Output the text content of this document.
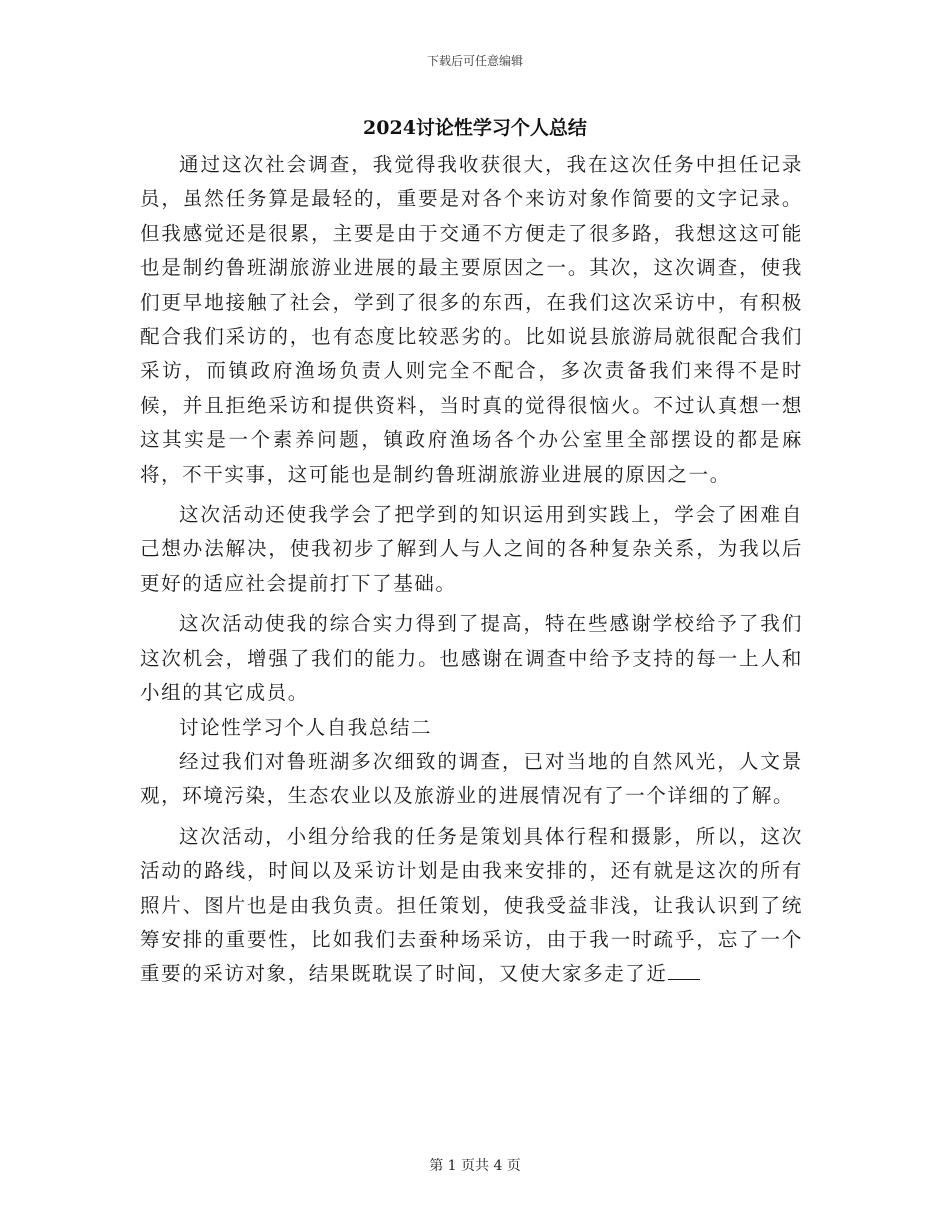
下载后可任意编辑
2024讨论性学习个人总结

通过这次社会调查，我觉得我收获很大，我在这次任务中担任记录员，虽然任务算是最轻的，重要是对各个来访对象作简要的文字记录。但我感觉还是很累，主要是由于交通不方便走了很多路，我想这这可能也是制约鲁班湖旅游业进展的最主要原因之一。其次，这次调查，使我们更早地接触了社会，学到了很多的东西，在我们这次采访中，有积极配合我们采访的，也有态度比较恶劣的。比如说县旅游局就很配合我们采访，而镇政府渔场负责人则完全不配合，多次责备我们来得不是时候，并且拒绝采访和提供资料，当时真的觉得很恼火。不过认真想一想这其实是一个素养问题，镇政府渔场各个办公室里全部摆设的都是麻将，不干实事，这可能也是制约鲁班湖旅游业进展的原因之一。

这次活动还使我学会了把学到的知识运用到实践上，学会了困难自己想办法解决，使我初步了解到人与人之间的各种复杂关系，为我以后更好的适应社会提前打下了基础。

这次活动使我的综合实力得到了提高，特在些感谢学校给予了我们这次机会，增强了我们的能力。也感谢在调查中给予支持的每一上人和小组的其它成员。

讨论性学习个人自我总结二

经过我们对鲁班湖多次细致的调查，已对当地的自然风光，人文景观，环境污染，生态农业以及旅游业的进展情况有了一个详细的了解。

这次活动，小组分给我的任务是策划具体行程和摄影，所以，这次活动的路线，时间以及采访计划是由我来安排的，还有就是这次的所有照片、图片也是由我负责。担任策划，使我受益非浅，让我认识到了统筹安排的重要性，比如我们去蚕种场采访，由于我一时疏乎，忘了一个重要的采访对象，结果既耽误了时间，又使大家多走了近

第 1 页共 4 页
